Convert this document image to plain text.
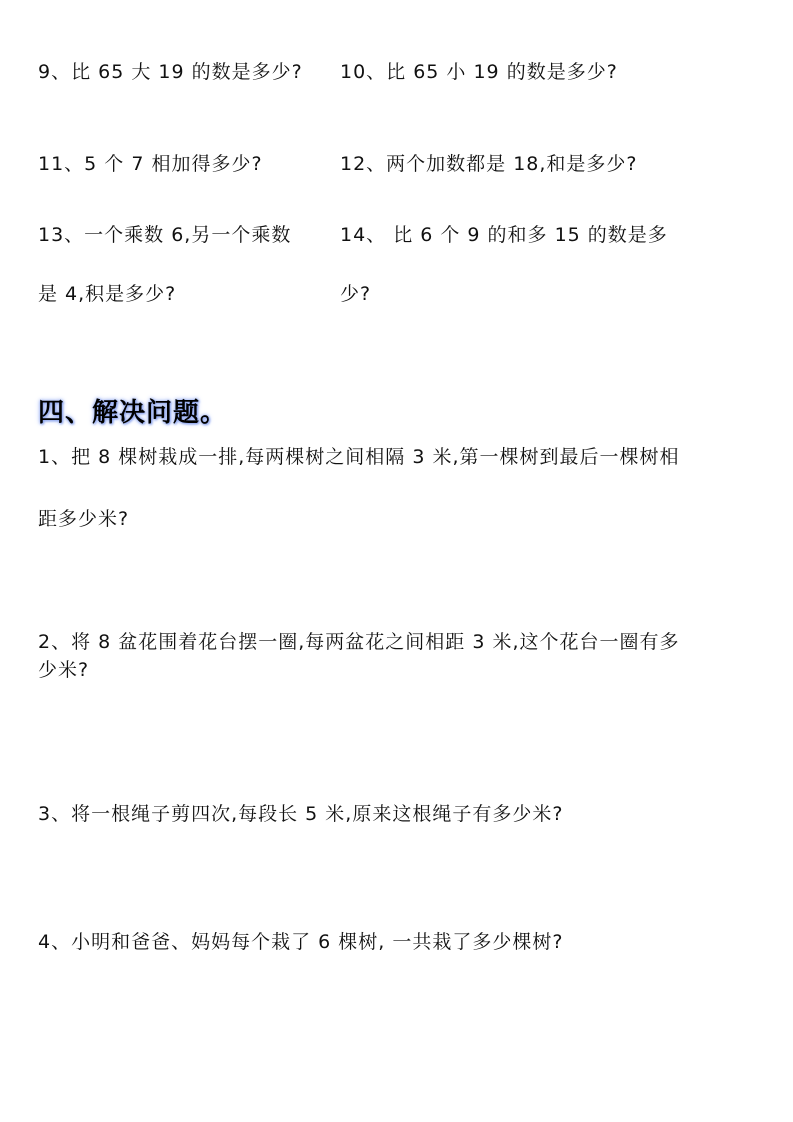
9、比 65 大 19 的数是多少? 10、比 65 小 19 的数是多少?
11、5 个 7 相加得多少?	12、两个加数都是 18,和是多少?
13、一个乘数 6,另一个乘数
是 4,积是多少?
14、 比 6 个 9 的和多 15 的数是多
少?
四、解决问题。
1、把 8 棵树栽成一排,每两棵树之间相隔 3 米,第一棵树到最后一棵树相
距多少米?
2、将 8 盆花围着花台摆一圈,每两盆花之间相距 3 米,这个花台一圈有多
少米?
3、将一根绳子剪四次,每段长 5 米,原来这根绳子有多少米?
4、小明和爸爸、妈妈每个栽了 6 棵树, 一共栽了多少棵树?
